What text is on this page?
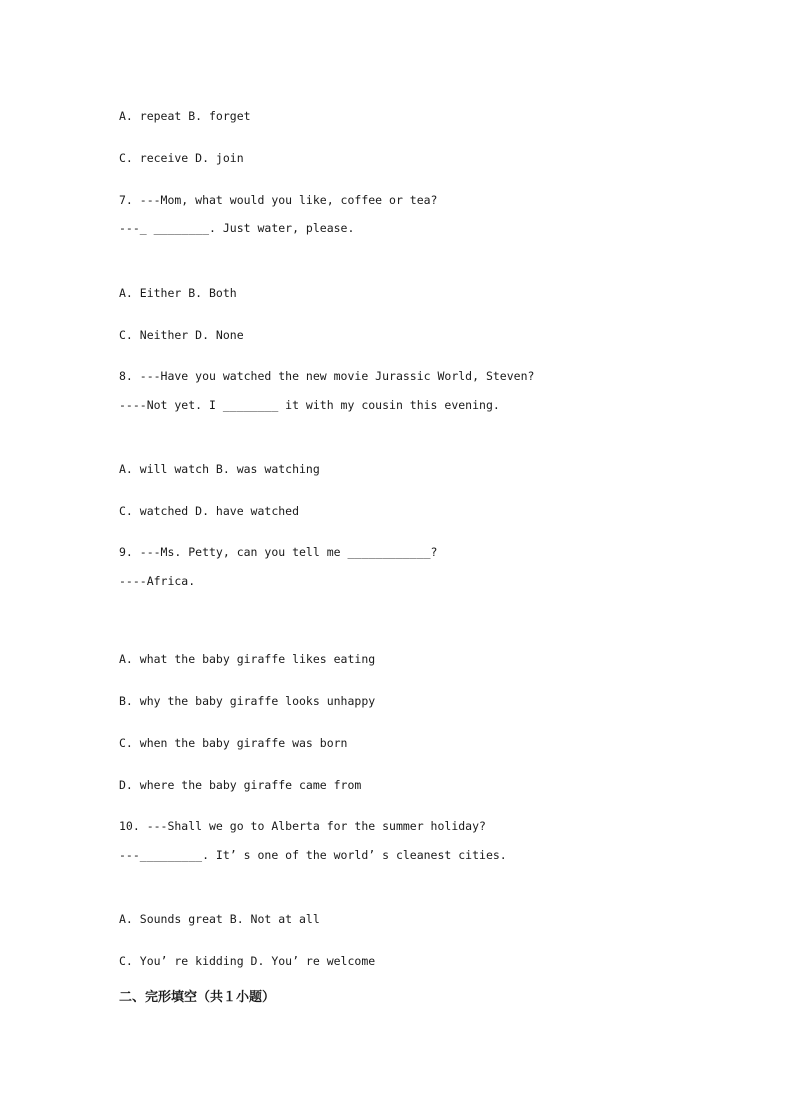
A. repeat B. forget
C. receive D. join
7. ---Mom, what would you like, coffee or tea?
---_ ________. Just water, please.
A. Either B. Both
C. Neither D. None
8. ---Have you watched the new movie Jurassic World, Steven?
----Not yet. I ________ it with my cousin this evening.
A. will watch B. was watching
C. watched D. have watched
9. ---Ms. Petty, can you tell me ____________?
----Africa.
A. what the baby giraffe likes eating
B. why the baby giraffe looks unhappy
C. when the baby giraffe was born
D. where the baby giraffe came from
10. ---Shall we go to Alberta for the summer holiday?
---_________. It’ s one of the world’ s cleanest cities.
A. Sounds great B. Not at all
C. You’ re kidding D. You’ re welcome
二、完形填空（共１小题）
